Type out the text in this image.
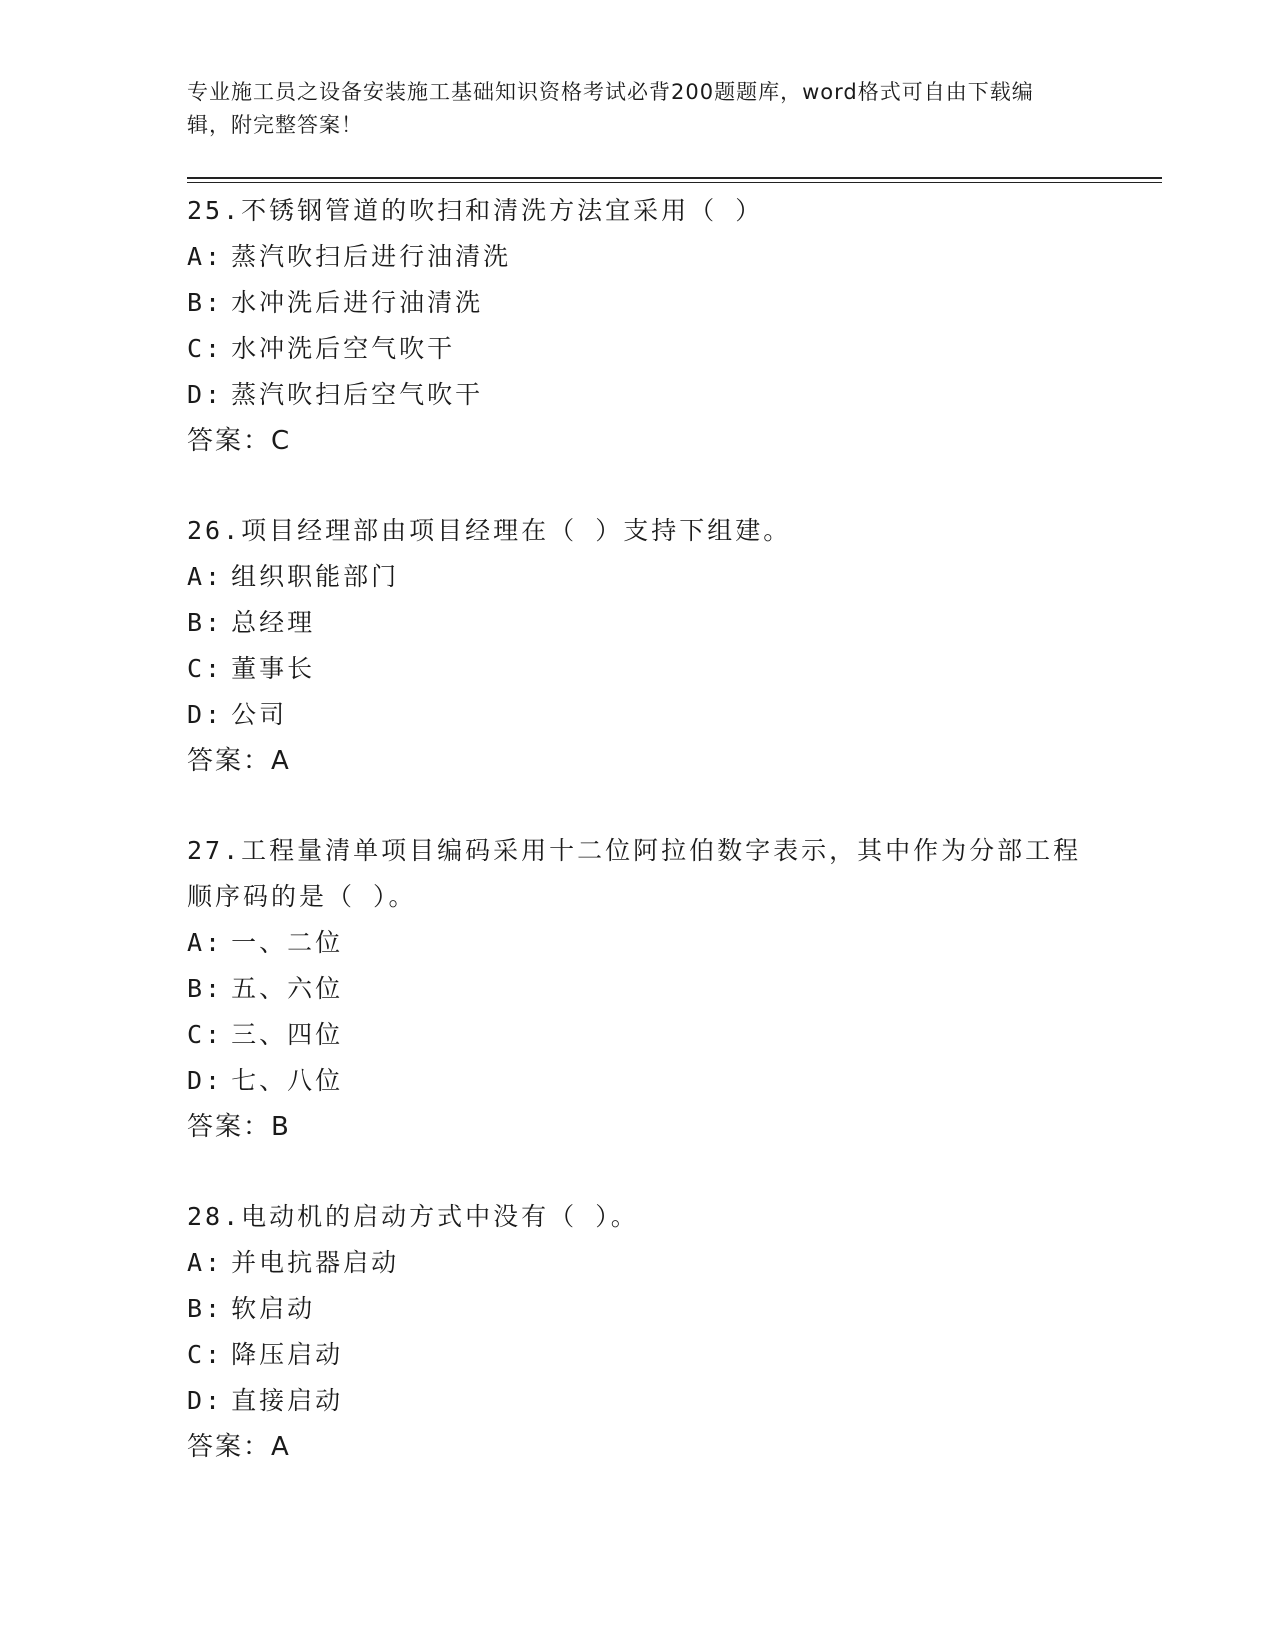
专业施工员之设备安装施工基础知识资格考试必背200题题库，word格式可自由下载编辑，附完整答案！
25.不锈钢管道的吹扫和清洗方法宜采用（ ）
A: 蒸汽吹扫后进行油清洗
B: 水冲洗后进行油清洗
C: 水冲洗后空气吹干
D: 蒸汽吹扫后空气吹干
答案：C
26.项目经理部由项目经理在（ ）支持下组建。
A: 组织职能部门
B: 总经理
C: 董事长
D: 公司
答案：A
27.工程量清单项目编码采用十二位阿拉伯数字表示，其中作为分部工程顺序码的是（ ）。
A: 一、二位
B: 五、六位
C: 三、四位
D: 七、八位
答案：B
28.电动机的启动方式中没有（ ）。
A: 并电抗器启动
B: 软启动
C: 降压启动
D: 直接启动
答案：A
